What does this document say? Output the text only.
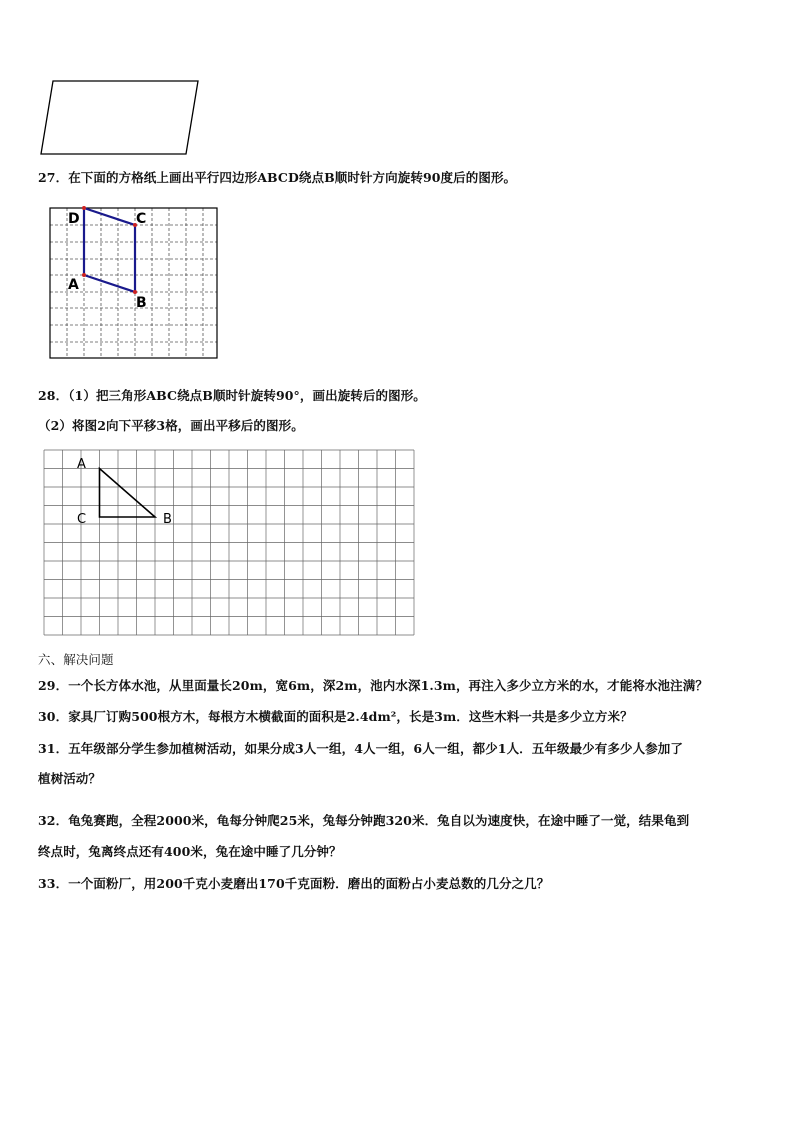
27．在下面的方格纸上画出平行四边形ABCD绕点B顺时针方向旋转90度后的图形。
D	C
A
B
28．（1）把三角形ABC绕点B顺时针旋转90°，画出旋转后的图形。
（2）将图2向下平移3格，画出平移后的图形。
A
C	B
六、解决问题
29．一个长方体水池，从里面量长20m，宽6m，深2m，池内水深1.3m，再注入多少立方米的水，才能将水池注满？
30．家具厂订购500根方木，每根方木横截面的面积是2.4dm²，长是3m．这些木料一共是多少立方米？
31．五年级部分学生参加植树活动，如果分成3人一组，4人一组，6人一组，都少1人．五年级最少有多少人参加了
植树活动？
32．龟兔赛跑，全程2000米，龟每分钟爬25米，兔每分钟跑320米．兔自以为速度快，在途中睡了一觉，结果龟到
终点时，兔离终点还有400米，兔在途中睡了几分钟？
33．一个面粉厂，用200千克小麦磨出170千克面粉．磨出的面粉占小麦总数的几分之几？
